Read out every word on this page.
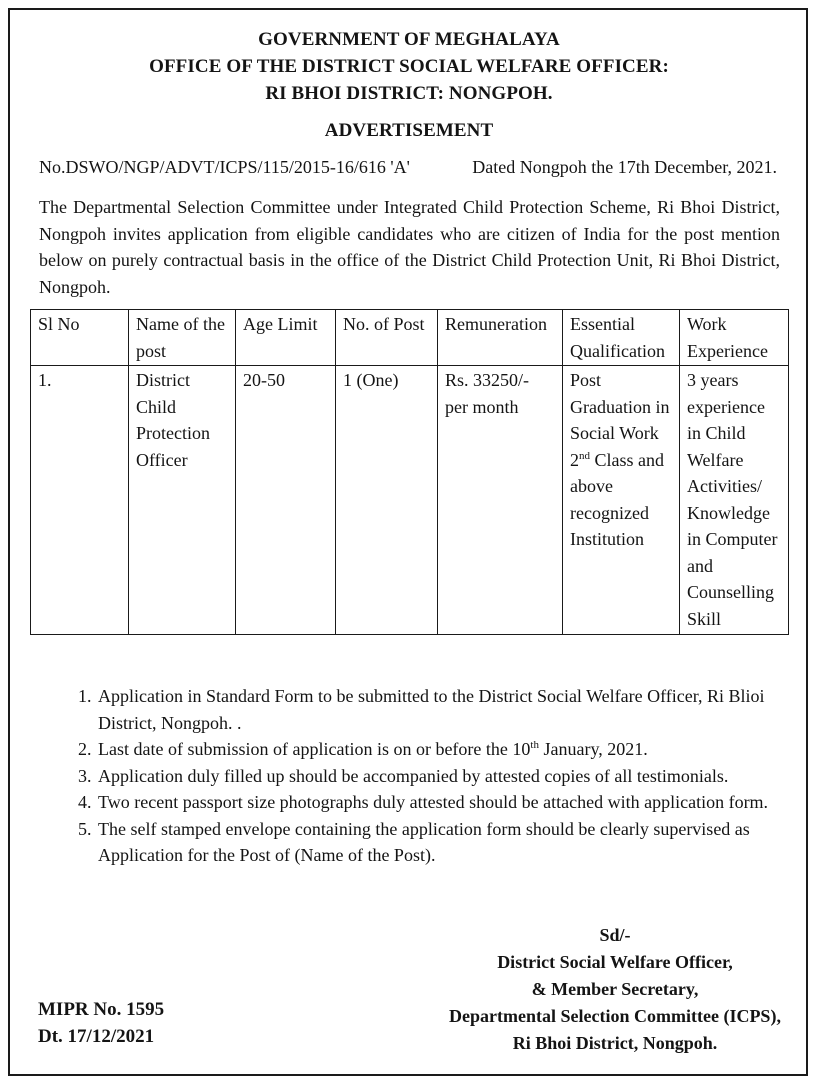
GOVERNMENT OF MEGHALAYA
OFFICE OF THE DISTRICT SOCIAL WELFARE OFFICER:
RI BHOI DISTRICT: NONGPOH.
ADVERTISEMENT
No.DSWO/NGP/ADVT/ICPS/115/2015-16/616 'A'	Dated Nongpoh the 17th December, 2021.
The Departmental Selection Committee under Integrated Child Protection Scheme, Ri Bhoi District, Nongpoh invites application from eligible candidates who are citizen of India for the post mention below on purely contractual basis in the office of the District Child Protection Unit, Ri Bhoi District, Nongpoh.
Sl No	Name of the post	Age Limit	No. of Post	Remuneration	Essential Qualification	Work Experience
1.	District Child Protection Officer	20-50	1 (One)	Rs. 33250/- per month	Post Graduation in Social Work 2nd Class and above recognized Institution	3 years experience in Child Welfare Activities/ Knowledge in Computer and Counselling Skill
1. Application in Standard Form to be submitted to the District Social Welfare Officer, Ri Blioi District, Nongpoh. .
2. Last date of submission of application is on or before the 10th January, 2021.
3. Application duly filled up should be accompanied by attested copies of all testimonials.
4. Two recent passport size photographs duly attested should be attached with application form.
5. The self stamped envelope containing the application form should be clearly supervised as Application for the Post of (Name of the Post).
Sd/-
District Social Welfare Officer,
& Member Secretary,
Departmental Selection Committee (ICPS),
Ri Bhoi District, Nongpoh.
MIPR No. 1595
Dt. 17/12/2021
